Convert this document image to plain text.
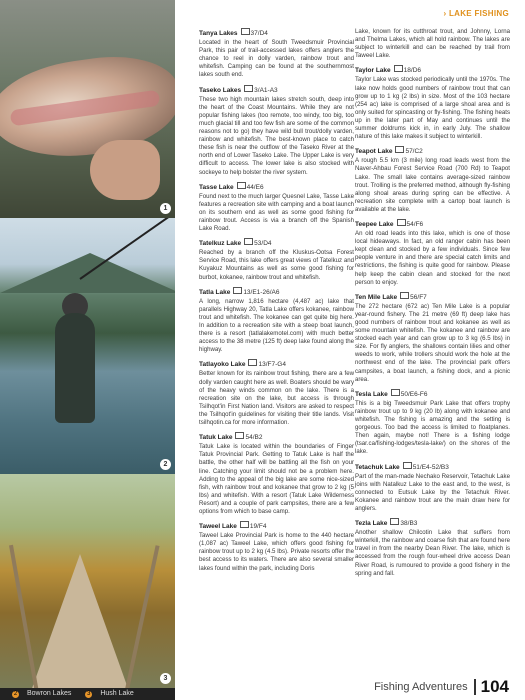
1
2
3
2 Bowron Lakes	3 Hush Lake
› LAKE FISHING
Tanya Lakes 37/D4
Located in the heart of South Tweedsmuir Provincial Park, this pair of trail-accessed lakes offers anglers the chance to reel in dolly varden, rainbow trout and whitefish. Camping can be found at the southernmost lakes south end.
Taseko Lakes 3/A1-A3
These two high mountain lakes stretch south, deep into the heart of the Coast Mountains. While they are not popular fishing lakes (too remote, too windy, too big, too much glacial till and too few fish are some of the common reasons not to go) they have wild bull trout/dolly varden, rainbow and whitefish. The best-known place to catch these fish is near the outflow of the Taseko River at the north end of Lower Taseko Lake. The Upper Lake is very difficult to access. The lower lake is also stocked with sockeye to help bolster the river system.
Tasse Lake 44/E6
Found next to the much larger Quesnel Lake, Tasse Lake features a recreation site with camping and a boat launch on its southern end as well as some good fishing for rainbow trout. Access is via a branch off the Spanish Lake Road.
Tatelkuz Lake 53/D4
Reached by a branch off the Kluskus-Ootsa Forest Service Road, this lake offers great views of Tatelkuz and Kuyakuz Mountains as well as some good fishing for burbot, kokanee, rainbow trout and whitefish.
Tatla Lake 13/E1-26/A6
A long, narrow 1,816 hectare (4,487 ac) lake that parallels Highway 20, Tatla Lake offers kokanee, rainbow trout and whitefish. The kokanee can get quite big here. In addition to a recreation site with a steep boat launch, there is a resort (tatlalakemotel.com) with much better access to the 38 metre (125 ft) deep lake found along the highway.
Tatlayoko Lake 13/F7-G4
Better known for its rainbow trout fishing, there are a few dolly varden caught here as well. Boaters should be wary of the heavy winds common on the lake. There is a recreation site on the lake, but access is through Tsilhqot'in First Nation land. Visitors are asked to respect the Tsilhqot'in guidelines for visiting their title lands. Visit tsilhqotin.ca for more information.
Tatuk Lake 54/B2
Tatuk Lake is located within the boundaries of Finger Tatuk Provincial Park. Getting to Tatuk Lake is half the battle, the other half will be battling all the fish on your line. Catching your limit should not be a problem here. Adding to the appeal of the big lake are some nice-sized fish, with rainbow trout and kokanee that grow to 2 kg (5 lbs) and whitefish. With a resort (Tatuk Lake Wilderness Resort) and a couple of park campsites, there are a few options from which to base camp.
Taweel Lake 19/F4
Taweel Lake Provincial Park is home to the 440 hectare (1,087 ac) Taweel Lake, which offers good fishing for rainbow trout up to 2 kg (4.5 lbs). Private resorts offer the best access to its waters. There are also several smaller lakes found within the park, including Doris
Lake, known for its cutthroat trout, and Johnny, Lorna and Thelma Lakes, which all hold rainbow. The lakes are subject to winterkill and can be reached by trail from Taweel Lake.
Taylor Lake 18/D6
Taylor Lake was stocked periodically until the 1970s. The lake now holds good numbers of rainbow trout that can grow up to 1 kg (2 lbs) in size. Most of the 103 hectare (254 ac) lake is comprised of a large shoal area and is only suited for spincasting or fly-fishing. The fishing heats up in the later part of May and continues until the summer doldrums kick in, in early July. The shallow nature of this lake makes it subject to winterkill.
Teapot Lake 57/C2
A rough 5.5 km (3 mile) long road leads west from the Naver-Ahbau Forest Service Road (700 Rd) to Teapot Lake. The small lake contains average-sized rainbow trout. Trolling is the preferred method, although fly-fishing along shoal areas during spring can be effective. A recreation site complete with a cartop boat launch is available at the lake.
Teepee Lake 54/F6
An old road leads into this lake, which is one of those local hideaways. In fact, an old ranger cabin has been kept clean and stocked by a few individuals. Since few people venture in and there are special catch limits and restrictions, the fishing is quite good for rainbow. Please help keep the cabin clean and stocked for the next person to enjoy.
Ten Mile Lake 56/F7
The 272 hectare (672 ac) Ten Mile Lake is a popular year-round fishery. The 21 metre (69 ft) deep lake has good numbers of rainbow trout and kokanee as well as some mountain whitefish. The kokanee and rainbow are stocked each year and can grow up to 3 kg (6.5 lbs) in size. For fly anglers, the shallows contain lilies and other weeds to work, while trollers should work the hole at the northwest end of the lake. The provincial park offers campsites, a boat launch, a fishing dock, and a picnic area.
Tesla Lake 50/E6-F6
This is a big Tweedsmuir Park Lake that offers trophy rainbow trout up to 9 kg (20 lb) along with kokanee and whitefish. The fishing is amazing and the setting is gorgeous. Too bad the access is limited to floatplanes. Then again, maybe not! There is a fishing lodge (tsar.ca/fishing-lodges/tesla-lake/) on the shores of the lake.
Tetachuk Lake 51/E4-52/B3
Part of the man-made Nechako Reservoir, Tetachuk Lake joins with Natalkuz Lake to the east and, to the west, is connected to Eutsuk Lake by the Tetachuk River. Kokanee and rainbow trout are the main draw here for anglers.
Tezla Lake 38/B3
Another shallow Chilcotin Lake that suffers from winterkill, the rainbow and coarse fish that are found here travel in from the nearby Dean River. The lake, which is accessed from the rough four-wheel drive access Dean River Road, is rumoured to provide a good fishery in the spring and fall.
Fishing Adventures 104
